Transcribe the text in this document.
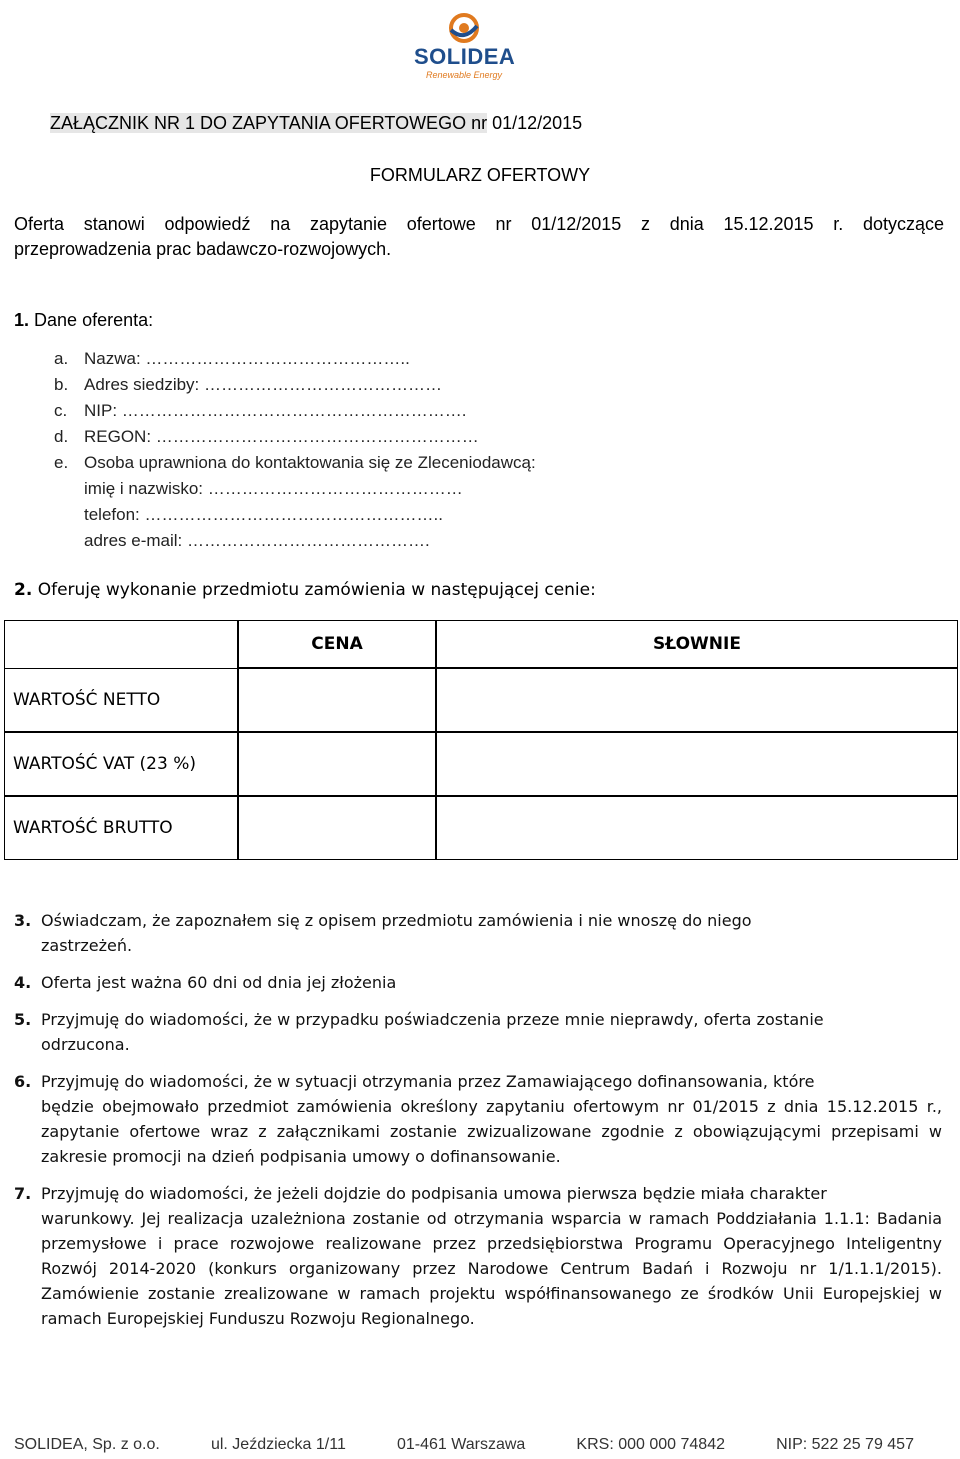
SOLIDEA
Renewable Energy
ZAŁĄCZNIK NR 1 DO ZAPYTANIA OFERTOWEGO nr 01/12/2015
FORMULARZ OFERTOWY
Oferta stanowi odpowiedź na zapytanie ofertowe nr 01/12/2015 z dnia 15.12.2015 r. dotyczące
przeprowadzenia prac badawczo-rozwojowych.
1. Dane oferenta:
a. Nazwa: ………………………………………..
b. Adres siedziby: ……………………………………
c. NIP: …………………………………………………….
d. REGON: …………………………………………………
e. Osoba uprawniona do kontaktowania się ze Zleceniodawcą:
imię i nazwisko: ………………………………………
telefon: ……………………………………………..
adres e-mail: …………………………………….
2. Oferuję wykonanie przedmiotu zamówienia w następującej cenie:
	CENA	SŁOWNIE
WARTOŚĆ NETTO		
WARTOŚĆ VAT (23 %)		
WARTOŚĆ BRUTTO		
3. Oświadczam, że zapoznałem się z opisem przedmiotu zamówienia i nie wnoszę do niego
zastrzeżeń.
4. Oferta jest ważna 60 dni od dnia jej złożenia
5. Przyjmuję do wiadomości, że w przypadku poświadczenia przeze mnie nieprawdy, oferta zostanie
odrzucona.
6. Przyjmuję do wiadomości, że w sytuacji otrzymania przez Zamawiającego dofinansowania, które
będzie obejmowało przedmiot zamówienia określony zapytaniu ofertowym nr 01/2015 z dnia 15.12.2015 r., zapytanie ofertowe wraz z załącznikami zostanie zwizualizowane zgodnie z obowiązującymi przepisami w zakresie promocji na dzień podpisania umowy o dofinansowanie.
7. Przyjmuję do wiadomości, że jeżeli dojdzie do podpisania umowa pierwsza będzie miała charakter
warunkowy. Jej realizacja uzależniona zostanie od otrzymania wsparcia w ramach Poddziałania 1.1.1: Badania przemysłowe i prace rozwojowe realizowane przez przedsiębiorstwa Programu Operacyjnego Inteligentny Rozwój 2014-2020 (konkurs organizowany przez Narodowe Centrum Badań i Rozwoju nr 1/1.1.1/2015). Zamówienie zostanie zrealizowane w ramach projektu współfinansowanego ze środków Unii Europejskiej w ramach Europejskiej Funduszu Rozwoju Regionalnego.
SOLIDEA, Sp. z o.o.	ul. Jeździecka 1/11	01-461 Warszawa	KRS: 000 000 74842	NIP: 522 25 79 457
